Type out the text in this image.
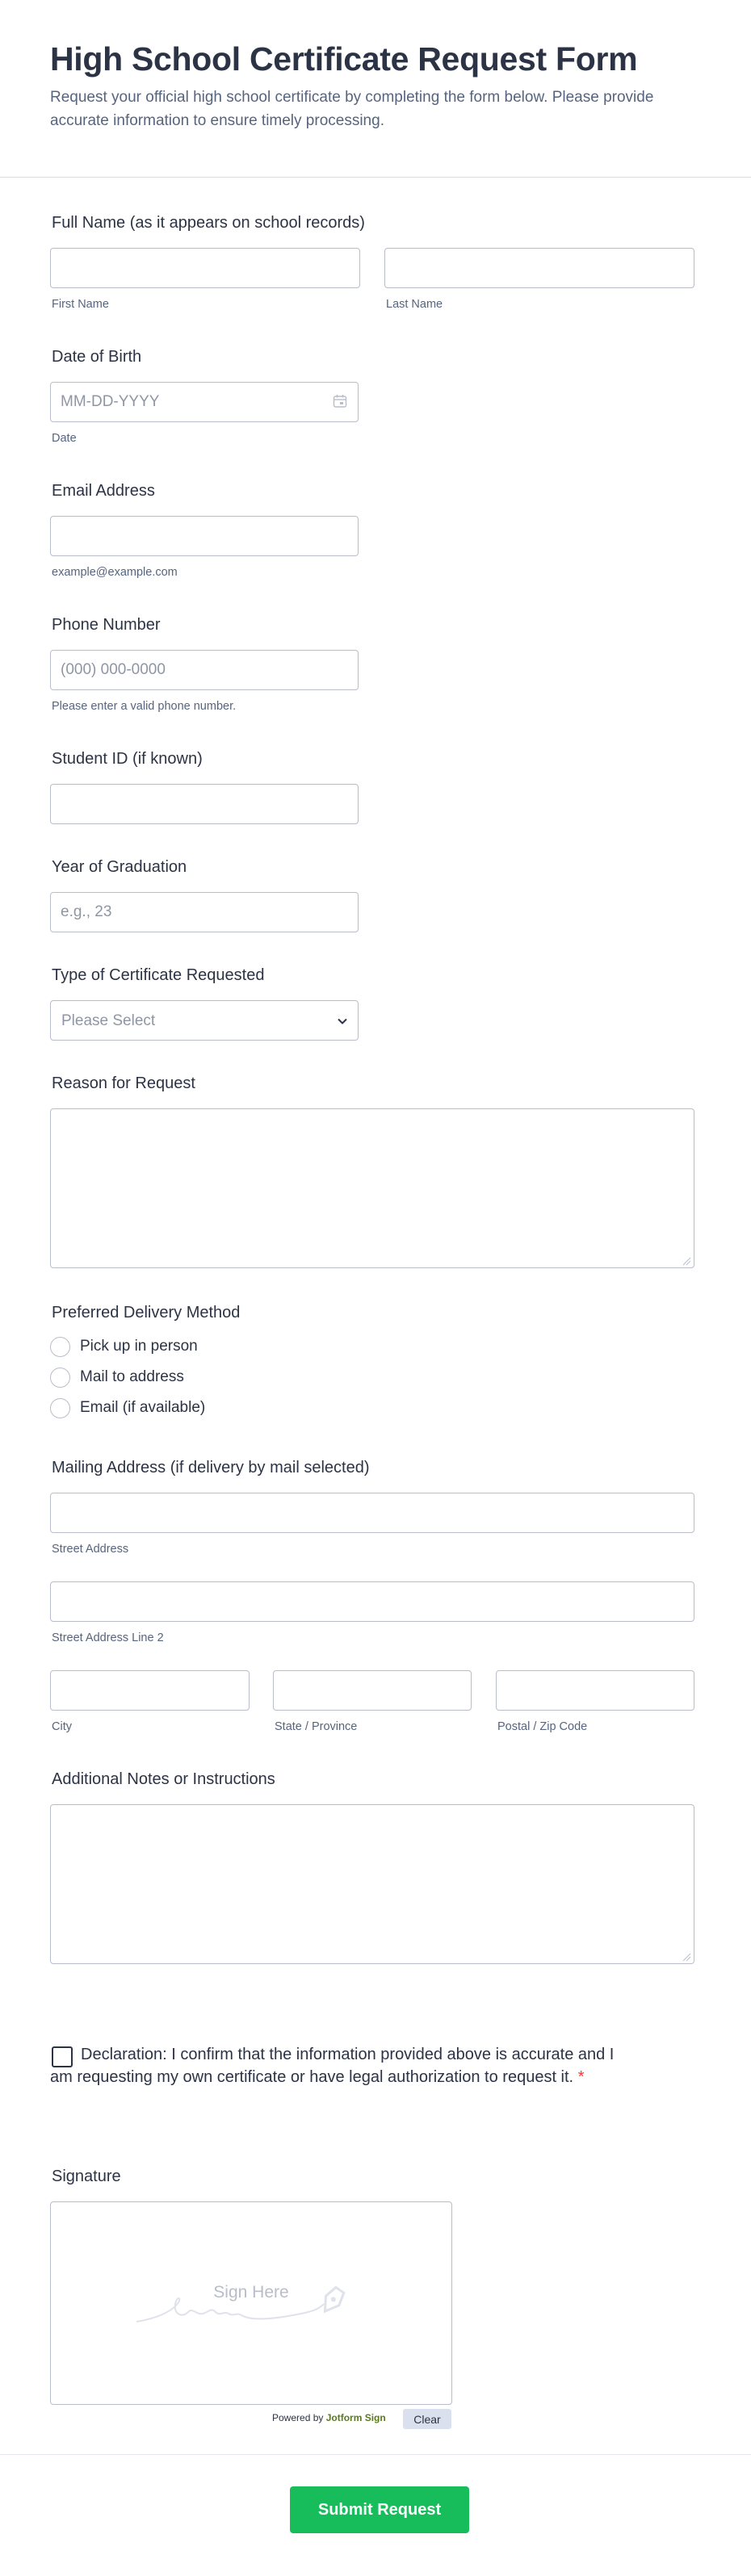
High School Certificate Request Form

Request your official high school certificate by completing the form below. Please provide accurate information to ensure timely processing.

Full Name (as it appears on school records)
First Name	Last Name
Date of Birth
MM-DD-YYYY
Date
Email Address
example@example.com
Phone Number
(000) 000-0000
Please enter a valid phone number.
Student ID (if known)
Year of Graduation
e.g., 23
Type of Certificate Requested
Please Select
Reason for Request
Preferred Delivery Method
Pick up in person
Mail to address
Email (if available)
Mailing Address (if delivery by mail selected)
Street Address
Street Address Line 2
City	State / Province	Postal / Zip Code
Additional Notes or Instructions

Declaration: I confirm that the information provided above is accurate and I am requesting my own certificate or have legal authorization to request it. *

Signature
Sign Here
Powered by Jotform Sign	Clear
Submit Request
